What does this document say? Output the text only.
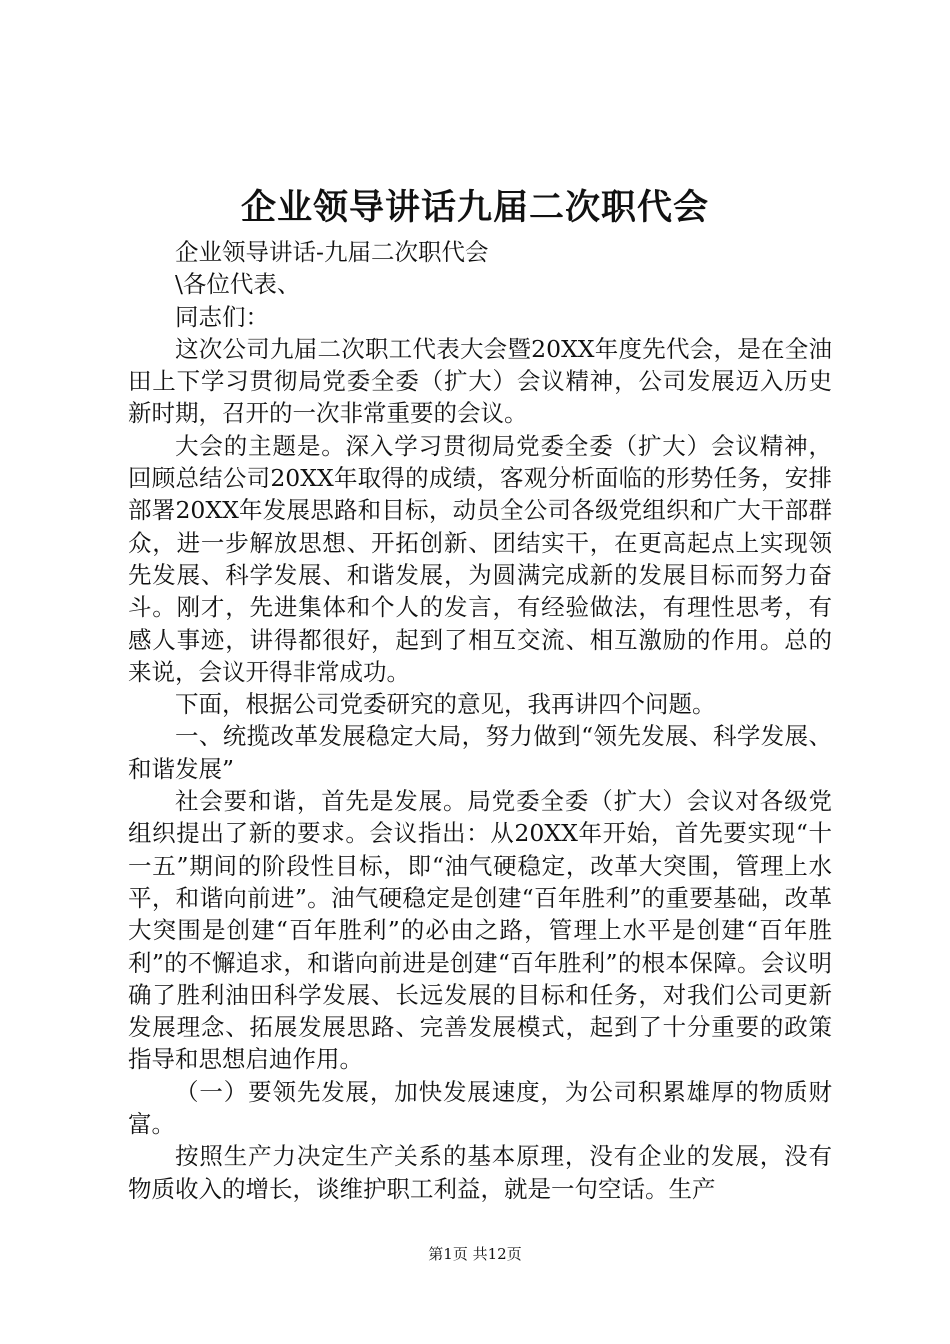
企业领导讲话九届二次职代会

企业领导讲话-九届二次职代会

\各位代表、

同志们：

这次公司九届二次职工代表大会暨20XX年度先代会，是在全油田上下学习贯彻局党委全委（扩大）会议精神，公司发展迈入历史新时期，召开的一次非常重要的会议。

大会的主题是。深入学习贯彻局党委全委（扩大）会议精神，回顾总结公司20XX年取得的成绩，客观分析面临的形势任务，安排部署20XX年发展思路和目标，动员全公司各级党组织和广大干部群众，进一步解放思想、开拓创新、团结实干，在更高起点上实现领先发展、科学发展、和谐发展，为圆满完成新的发展目标而努力奋斗。刚才，先进集体和个人的发言，有经验做法，有理性思考，有感人事迹，讲得都很好，起到了相互交流、相互激励的作用。总的来说，会议开得非常成功。

下面，根据公司党委研究的意见，我再讲四个问题。

一、统揽改革发展稳定大局，努力做到“领先发展、科学发展、和谐发展”

社会要和谐，首先是发展。局党委全委（扩大）会议对各级党组织提出了新的要求。会议指出：从20XX年开始，首先要实现“十一五”期间的阶段性目标，即“油气硬稳定，改革大突围，管理上水平，和谐向前进”。油气硬稳定是创建“百年胜利”的重要基础，改革大突围是创建“百年胜利”的必由之路，管理上水平是创建“百年胜利”的不懈追求，和谐向前进是创建“百年胜利”的根本保障。会议明确了胜利油田科学发展、长远发展的目标和任务，对我们公司更新发展理念、拓展发展思路、完善发展模式，起到了十分重要的政策指导和思想启迪作用。

（一）要领先发展，加快发展速度，为公司积累雄厚的物质财富。

按照生产力决定生产关系的基本原理，没有企业的发展，没有物质收入的增长，谈维护职工利益，就是一句空话。生产

第1页 共12页
